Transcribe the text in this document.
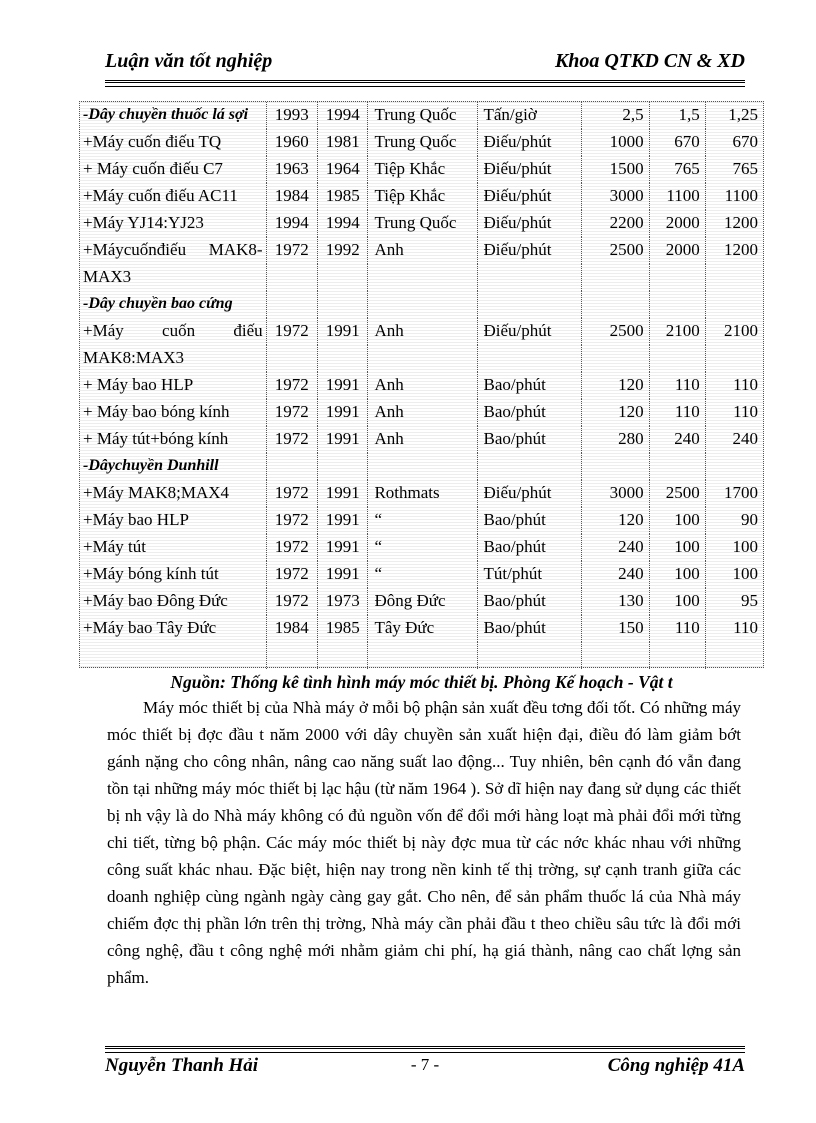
Luận văn tốt nghiệp	Khoa QTKD CN & XD
-Dây chuyền thuốc lá sợi	1993	1994	Trung Quốc	Tấn/giờ	2,5	1,5	1,25
+Máy cuốn điếu TQ	1960	1981	Trung Quốc	Điếu/phút	1000	670	670
+ Máy cuốn điếu C7	1963	1964	Tiệp Khắc	Điếu/phút	1500	765	765
+Máy cuốn điếu AC11	1984	1985	Tiệp Khắc	Điếu/phút	3000	1100	1100
+Máy YJ14:YJ23	1994	1994	Trung Quốc	Điếu/phút	2200	2000	1200
+Máycuốnđiếu MAK8-	1972	1992	Anh	Điếu/phút	2500	2000	1200
MAX3							
-Dây chuyền bao cứng							
+Máy cuốn điếu	1972	1991	Anh	Điếu/phút	2500	2100	2100
MAK8:MAX3							
+ Máy bao HLP	1972	1991	Anh	Bao/phút	120	110	110
+ Máy bao bóng kính	1972	1991	Anh	Bao/phút	120	110	110
+ Máy tút+bóng kính	1972	1991	Anh	Bao/phút	280	240	240
-Dâychuyền Dunhill							
+Máy MAK8;MAX4	1972	1991	Rothmats	Điếu/phút	3000	2500	1700
+Máy bao HLP	1972	1991	“	Bao/phút	120	100	90
+Máy tút	1972	1991	“	Bao/phút	240	100	100
+Máy bóng kính tút	1972	1991	“	Tút/phút	240	100	100
+Máy bao Đông Đức	1972	1973	Đông Đức	Bao/phút	130	100	95
+Máy bao Tây Đức	1984	1985	Tây Đức	Bao/phút	150	110	110

Nguồn: Thống kê tình hình máy móc thiết bị. Phòng Kế hoạch - Vật t

Máy móc thiết bị của Nhà máy ở mỗi bộ phận sản xuất đều tơng đối tốt. Có những máy móc thiết bị đợc đầu t năm 2000 với dây chuyền sản xuất hiện đại, điều đó làm giảm bớt gánh nặng cho công nhân, nâng cao năng suất lao động... Tuy nhiên, bên cạnh đó vẫn đang tồn tại những máy móc thiết bị lạc hậu (từ năm 1964 ). Sở dĩ hiện nay đang sử dụng các thiết bị nh vậy là do Nhà máy không có đủ nguồn vốn để đổi mới hàng loạt mà phải đổi mới từng chi tiết, từng bộ phận. Các máy móc thiết bị này đợc mua từ các nớc khác nhau với những công suất khác nhau. Đặc biệt, hiện nay trong nền kinh tế thị trờng, sự cạnh tranh giữa các doanh nghiệp cùng ngành ngày càng gay gắt. Cho nên, để sản phẩm thuốc lá của Nhà máy chiếm đợc thị phần lớn trên thị trờng, Nhà máy cần phải đầu t theo chiều sâu tức là đổi mới công nghệ, đầu t công nghệ mới nhằm giảm chi phí, hạ giá thành, nâng cao chất lợng sản phẩm.

Nguyễn Thanh Hải	- 7 -	Công nghiệp 41A
